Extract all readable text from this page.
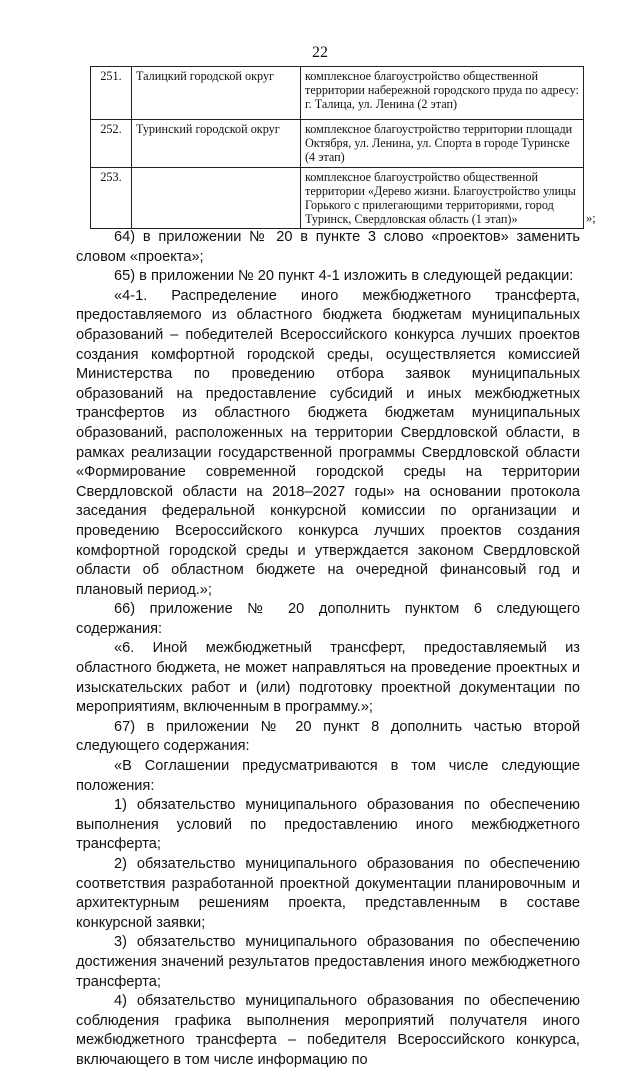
22
251.	Талицкий городской округ	комплексное благоустройство общественной территории набережной городского пруда по адресу: г. Талица, ул. Ленина (2 этап)
252.	Туринский городской округ	комплексное благоустройство территории площади Октября, ул. Ленина, ул. Спорта в городе Туринске (4 этап)
253.		комплексное благоустройство общественной территории «Дерево жизни. Благоустройство улицы Горького с прилегающими территориями, город Туринск, Свердловская область (1 этап)»	»;

64) в приложении № 20 в пункте 3 слово «проектов» заменить словом «проекта»;

65) в приложении № 20 пункт 4-1 изложить в следующей редакции:

«4-1. Распределение иного межбюджетного трансферта, предоставляемого из областного бюджета бюджетам муниципальных образований – победителей Всероссийского конкурса лучших проектов создания комфортной городской среды, осуществляется комиссией Министерства по проведению отбора заявок муниципальных образований на предоставление субсидий и иных межбюджетных трансфертов из областного бюджета бюджетам муниципальных образований, расположенных на территории Свердловской области, в рамках реализации государственной программы Свердловской области «Формирование современной городской среды на территории Свердловской области на 2018–2027 годы» на основании протокола заседания федеральной конкурсной комиссии по организации и проведению Всероссийского конкурса лучших проектов создания комфортной городской среды и утверждается законом Свердловской области об областном бюджете на очередной финансовый год и плановый период.»;

66) приложение № 20 дополнить пунктом 6 следующего содержания:

«6. Иной межбюджетный трансферт, предоставляемый из областного бюджета, не может направляться на проведение проектных и изыскательских работ и (или) подготовку проектной документации по мероприятиям, включенным в программу.»;

67) в приложении № 20 пункт 8 дополнить частью второй следующего содержания:

«В Соглашении предусматриваются в том числе следующие положения:

1) обязательство муниципального образования по обеспечению выполнения условий по предоставлению иного межбюджетного трансферта;

2) обязательство муниципального образования по обеспечению соответствия разработанной проектной документации планировочным и архитектурным решениям проекта, представленным в составе конкурсной заявки;

3) обязательство муниципального образования по обеспечению достижения значений результатов предоставления иного межбюджетного трансферта;

4) обязательство муниципального образования по обеспечению соблюдения графика выполнения мероприятий получателя иного межбюджетного трансферта – победителя Всероссийского конкурса, включающего в том числе информацию по
